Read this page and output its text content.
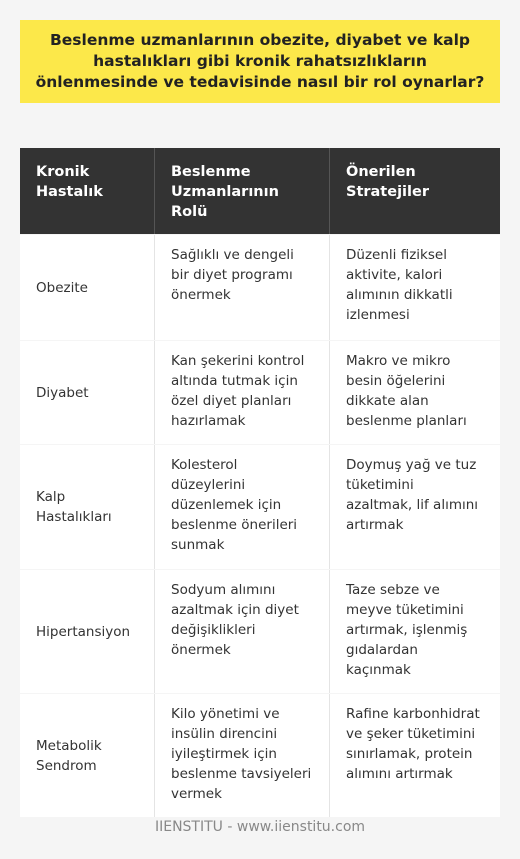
Beslenme uzmanlarının obezite, diyabet ve kalp hastalıkları gibi kronik rahatsızlıkların önlenmesinde ve tedavisinde nasıl bir rol oynarlar?
Kronik Hastalık	Beslenme Uzmanlarının Rolü	Önerilen Stratejiler
Obezite	Sağlıklı ve dengeli bir diyet programı önermek	Düzenli fiziksel aktivite, kalori alımının dikkatli izlenmesi
Diyabet	Kan şekerini kontrol altında tutmak için özel diyet planları hazırlamak	Makro ve mikro besin öğelerini dikkate alan beslenme planları
Kalp Hastalıkları	Kolesterol düzeylerini düzenlemek için beslenme önerileri sunmak	Doymuş yağ ve tuz tüketimini azaltmak, lif alımını artırmak
Hipertansiyon	Sodyum alımını azaltmak için diyet değişiklikleri önermek	Taze sebze ve meyve tüketimini artırmak, işlenmiş gıdalardan kaçınmak
Metabolik Sendrom	Kilo yönetimi ve insülin direncini iyileştirmek için beslenme tavsiyeleri vermek	Rafine karbonhidrat ve şeker tüketimini sınırlamak, protein alımını artırmak
IIENSTITU - www.iienstitu.com
